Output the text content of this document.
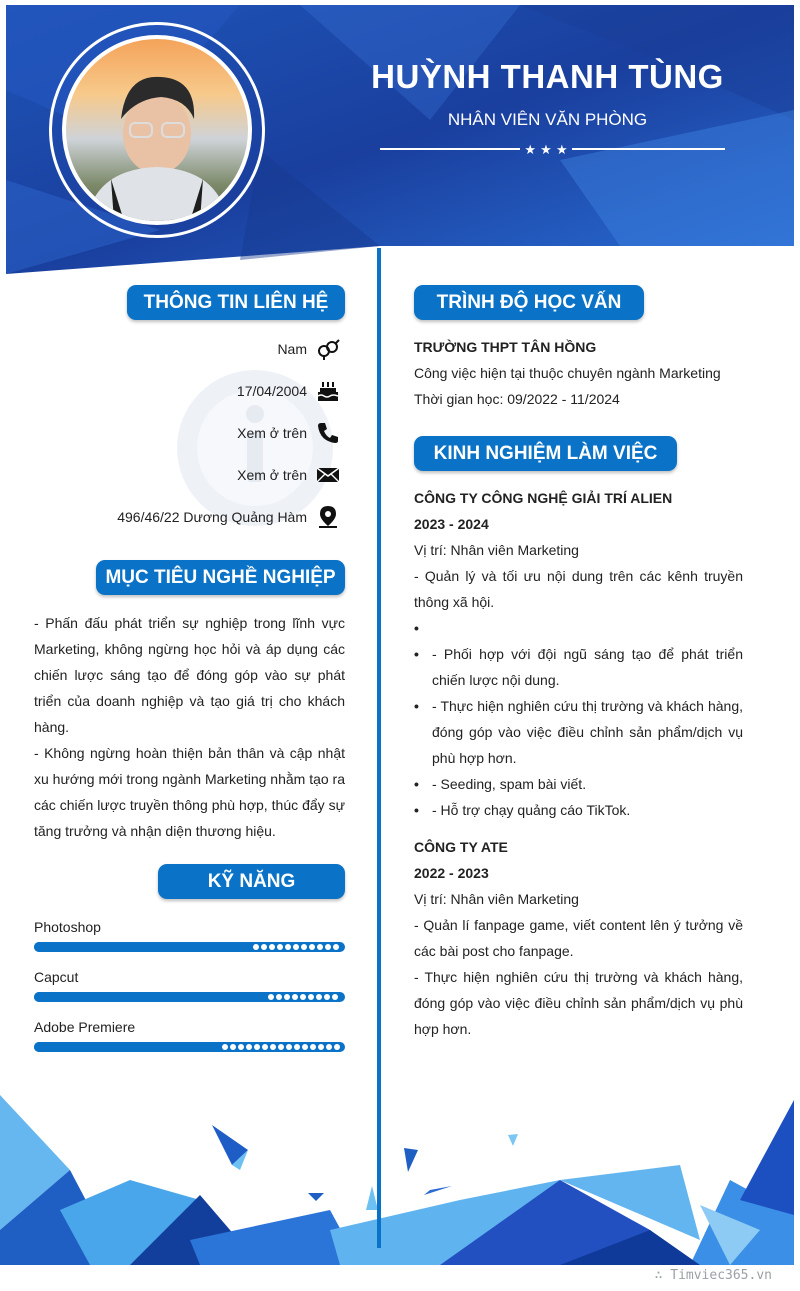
★ ★ ★
HUỲNH THANH TÙNG
NHÂN VIÊN VĂN PHÒNG
THÔNG TIN LIÊN HỆ
Nam
17/04/2004
Xem ở trên
Xem ở trên
496/46/22 Dương Quảng Hàm
MỤC TIÊU NGHỀ NGHIỆP
- Phấn đấu phát triển sự nghiệp trong lĩnh vực Marketing, không ngừng học hỏi và áp dụng các chiến lược sáng tạo để đóng góp vào sự phát triển của doanh nghiệp và tạo giá trị cho khách hàng.
- Không ngừng hoàn thiện bản thân và cập nhật xu hướng mới trong ngành Marketing nhằm tạo ra các chiến lược truyền thông phù hợp, thúc đẩy sự tăng trưởng và nhận diện thương hiệu.
KỸ NĂNG
Photoshop
Capcut
Adobe Premiere
TRÌNH ĐỘ HỌC VẤN
TRƯỜNG THPT TÂN HỒNG
Công việc hiện tại thuộc chuyên ngành Marketing
Thời gian học: 09/2022 - 11/2024
KINH NGHIỆM LÀM VIỆC
CÔNG TY CÔNG NGHỆ GIẢI TRÍ ALIEN
2023 - 2024
Vị trí: Nhân viên Marketing
- Quản lý và tối ưu nội dung trên các kênh truyền thông xã hội.
•
• - Phối hợp với đội ngũ sáng tạo để phát triển chiến lược nội dung.
• - Thực hiện nghiên cứu thị trường và khách hàng, đóng góp vào việc điều chỉnh sản phẩm/dịch vụ phù hợp hơn.
• - Seeding, spam bài viết.
• - Hỗ trợ chạy quảng cáo TikTok.
CÔNG TY ATE
2022 - 2023
Vị trí: Nhân viên Marketing
- Quản lí fanpage game, viết content lên ý tưởng về các bài post cho fanpage.
- Thực hiện nghiên cứu thị trường và khách hàng, đóng góp vào việc điều chỉnh sản phẩm/dịch vụ phù hợp hơn.
∴ Timviec365.vn
